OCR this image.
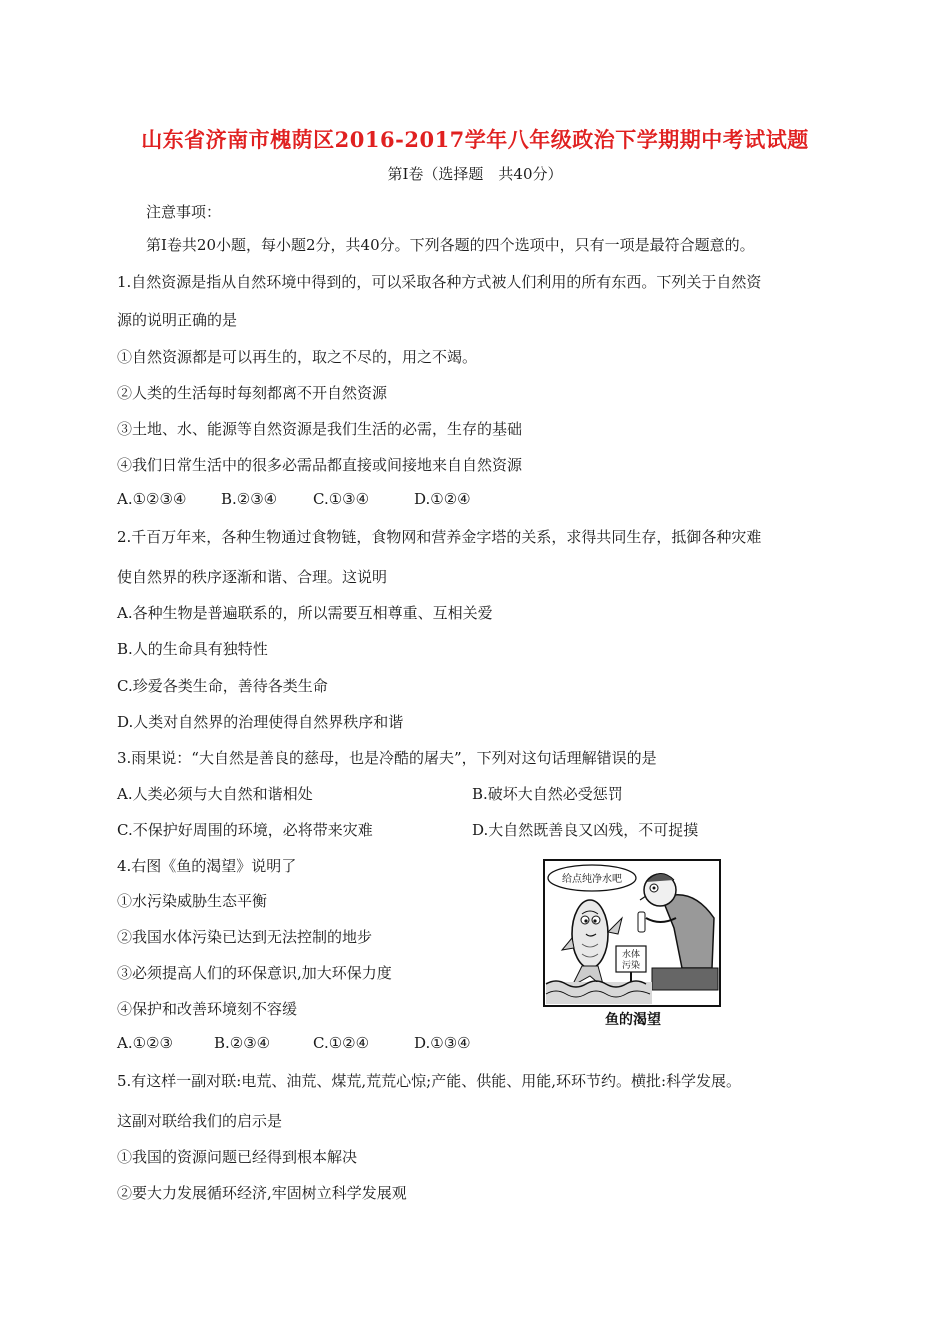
山东省济南市槐荫区2016-2017学年八年级政治下学期期中考试试题
第Ⅰ卷（选择题　共40分）
注意事项：
第Ⅰ卷共20小题，每小题2分，共40分。下列各题的四个选项中，只有一项是最符合题意的。
1.自然资源是指从自然环境中得到的，可以采取各种方式被人们利用的所有东西。下列关于自然资
源的说明正确的是
①自然资源都是可以再生的，取之不尽的，用之不竭。
②人类的生活每时每刻都离不开自然资源
③土地、水、能源等自然资源是我们生活的必需，生存的基础
④我们日常生活中的很多必需品都直接或间接地来自自然资源
A.①②③④ B.②③④ C.①③④	D.①②④
2.千百万年来，各种生物通过食物链，食物网和营养金字塔的关系，求得共同生存，抵御各种灾难
使自然界的秩序逐渐和谐、合理。这说明
A.各种生物是普遍联系的，所以需要互相尊重、互相关爱
B.人的生命具有独特性
C.珍爱各类生命，善待各类生命
D.人类对自然界的治理使得自然界秩序和谐
3.雨果说：“大自然是善良的慈母，也是冷酷的屠夫”，下列对这句话理解错误的是
A.人类必须与大自然和谐相处	B.破坏大自然必受惩罚
C.不保护好周围的环境，必将带来灾难	D.大自然既善良又凶残，不可捉摸
4.右图《鱼的渴望》说明了
①水污染威胁生态平衡
②我国水体污染已达到无法控制的地步
③必须提高人们的环保意识,加大环保力度
④保护和改善环境刻不容缓
A.①②③	B.②③④	C.①②④	D.①③④
给点纯净水吧
水体
污染
鱼的渴望
5.有这样一副对联:电荒、油荒、煤荒,荒荒心惊;产能、供能、用能,环环节约。横批:科学发展。
这副对联给我们的启示是
①我国的资源问题已经得到根本解决
②要大力发展循环经济,牢固树立科学发展观
